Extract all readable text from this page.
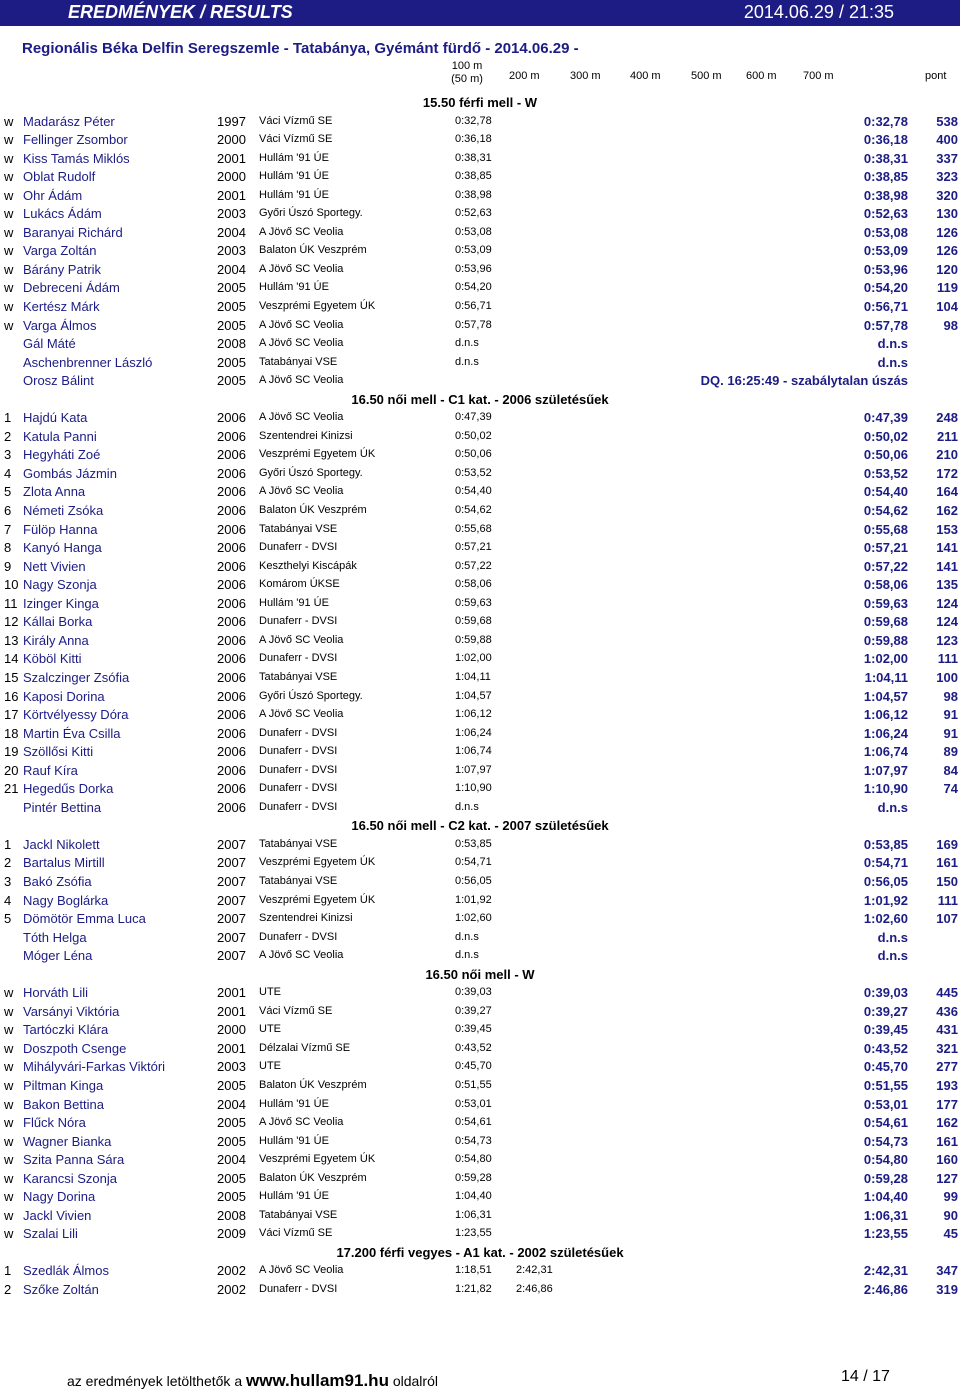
EREDMÉNYEK / RESULTS	2014.06.29 / 21:35
Regionális Béka Delfin Seregszemle - Tatabánya, Gyémánt fürdő - 2014.06.29 -
100 m
(50 m) 200 m	300 m	400 m	500 m 600 m 700 m	pont
15.50 férfi mell - W
w Madarász Péter	1997 Váci Vízmű SE	0:32,78	0:32,78 538
w Fellinger Zsombor	2000 Váci Vízmű SE	0:36,18	0:36,18 400
w Kiss Tamás Miklós	2001 Hullám '91 ÚE	0:38,31	0:38,31 337
w Oblat Rudolf	2000 Hullám '91 ÚE	0:38,85	0:38,85 323
w Ohr Ádám	2001 Hullám '91 ÚE	0:38,98	0:38,98 320
w Lukács Ádám	2003 Győri Úszó Sportegy.	0:52,63	0:52,63 130
w Baranyai Richárd	2004 A Jövő SC Veolia	0:53,08	0:53,08 126
w Varga Zoltán	2003 Balaton ÚK Veszprém	0:53,09	0:53,09 126
w Bárány Patrik	2004 A Jövő SC Veolia	0:53,96	0:53,96 120
w Debreceni Ádám	2005 Hullám '91 ÚE	0:54,20	0:54,20 119
w Kertész Márk	2005 Veszprémi Egyetem ÚK	0:56,71	0:56,71 104
w Varga Álmos	2005 A Jövő SC Veolia	0:57,78	0:57,78	98
Gál Máté	2008 A Jövő SC Veolia	d.n.s	d.n.s
Aschenbrenner László	2005 Tatabányai VSE	d.n.s	d.n.s
Orosz Bálint	2005 A Jövő SC Veolia	DQ. 16:25:49 - szabálytalan úszás
16.50 női mell - C1 kat. - 2006 születésűek
1 Hajdú Kata	2006 A Jövő SC Veolia	0:47,39	0:47,39 248
2 Katula Panni	2006 Szentendrei Kinizsi	0:50,02	0:50,02 211
3 Hegyháti Zoé	2006 Veszprémi Egyetem ÚK	0:50,06	0:50,06 210
4 Gombás Jázmin	2006 Győri Úszó Sportegy.	0:53,52	0:53,52 172
5 Zlota Anna	2006 A Jövő SC Veolia	0:54,40	0:54,40 164
6 Németi Zsóka	2006 Balaton ÚK Veszprém	0:54,62	0:54,62 162
7 Fülöp Hanna	2006 Tatabányai VSE	0:55,68	0:55,68 153
8 Kanyó Hanga	2006 Dunaferr - DVSI	0:57,21	0:57,21 141
9 Nett Vivien	2006 Keszthelyi Kiscápák	0:57,22	0:57,22 141
10 Nagy Szonja	2006 Komárom ÚKSE	0:58,06	0:58,06 135
11 Izinger Kinga	2006 Hullám '91 ÚE	0:59,63	0:59,63 124
12 Kállai Borka	2006 Dunaferr - DVSI	0:59,68	0:59,68 124
13 Király Anna	2006 A Jövő SC Veolia	0:59,88	0:59,88 123
14 Köböl Kitti	2006 Dunaferr - DVSI	1:02,00	1:02,00 111
15 Szalczinger Zsófia	2006 Tatabányai VSE	1:04,11	1:04,11 100
16 Kaposi Dorina	2006 Győri Úszó Sportegy.	1:04,57	1:04,57	98
17 Körtvélyessy Dóra	2006 A Jövő SC Veolia	1:06,12	1:06,12	91
18 Martin Éva Csilla	2006 Dunaferr - DVSI	1:06,24	1:06,24	91
19 Szöllősi Kitti	2006 Dunaferr - DVSI	1:06,74	1:06,74	89
20 Rauf Kíra	2006 Dunaferr - DVSI	1:07,97	1:07,97	84
21 Hegedűs Dorka	2006 Dunaferr - DVSI	1:10,90	1:10,90	74
Pintér Bettina	2006 Dunaferr - DVSI	d.n.s	d.n.s
16.50 női mell - C2 kat. - 2007 születésűek
1 Jackl Nikolett	2007 Tatabányai VSE	0:53,85	0:53,85 169
2 Bartalus Mirtill	2007 Veszprémi Egyetem ÚK	0:54,71	0:54,71 161
3 Bakó Zsófia	2007 Tatabányai VSE	0:56,05	0:56,05 150
4 Nagy Boglárka	2007 Veszprémi Egyetem ÚK	1:01,92	1:01,92 111
5 Dömötör Emma Luca	2007 Szentendrei Kinizsi	1:02,60	1:02,60 107
Tóth Helga	2007 Dunaferr - DVSI	d.n.s	d.n.s
Móger Léna	2007 A Jövő SC Veolia	d.n.s	d.n.s
16.50 női mell - W
w Horváth Lili	2001 UTE	0:39,03	0:39,03 445
w Varsányi Viktória	2001 Váci Vízmű SE	0:39,27	0:39,27 436
w Tartóczki Klára	2000 UTE	0:39,45	0:39,45 431
w Doszpoth Csenge	2001 Délzalai Vízmű SE	0:43,52	0:43,52 321
w Mihályvári-Farkas Viktóri	2003 UTE	0:45,70	0:45,70 277
w Piltman Kinga	2005 Balaton ÚK Veszprém	0:51,55	0:51,55 193
w Bakon Bettina	2004 Hullám '91 ÚE	0:53,01	0:53,01 177
w Flűck Nóra	2005 A Jövő SC Veolia	0:54,61	0:54,61 162
w Wagner Bianka	2005 Hullám '91 ÚE	0:54,73	0:54,73 161
w Szita Panna Sára	2004 Veszprémi Egyetem ÚK	0:54,80	0:54,80 160
w Karancsi Szonja	2005 Balaton ÚK Veszprém	0:59,28	0:59,28 127
w Nagy Dorina	2005 Hullám '91 ÚE	1:04,40	1:04,40	99
w Jackl Vivien	2008 Tatabányai VSE	1:06,31	1:06,31	90
w Szalai Lili	2009 Váci Vízmű SE	1:23,55	1:23,55	45
17.200 férfi vegyes - A1 kat. - 2002 születésűek
1 Szedlák Álmos	2002 A Jövő SC Veolia	1:18,51 2:42,31	2:42,31 347
2 Szőke Zoltán	2002 Dunaferr - DVSI	1:21,82 2:46,86	2:46,86 319
az eredmények letölthetők a www.hullam91.hu oldalról	14 / 17
